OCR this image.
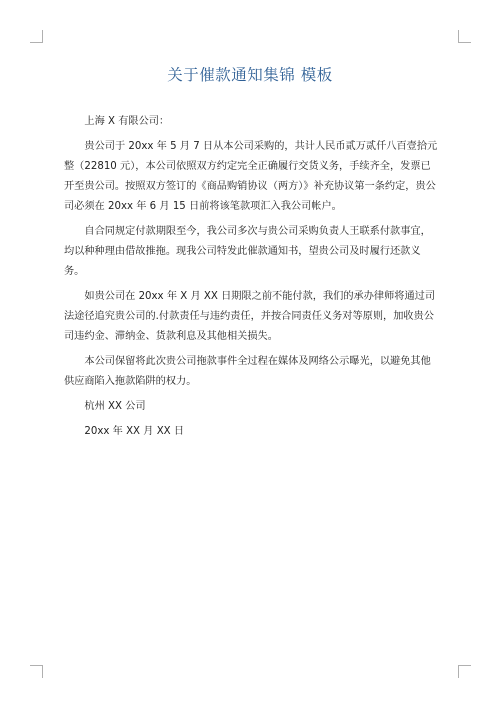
关于催款通知集锦 模板

上海 X 有限公司：

贵公司于 20xx 年 5 月 7 日从本公司采购的，共计人民币贰万贰仟八百壹拾元整（22810 元），本公司依照双方约定完全正确履行交货义务，手续齐全，发票已开至贵公司。按照双方签订的《商品购销协议（两方）》补充协议第一条约定，贵公司必须在 20xx 年 6 月 15 日前将该笔款项汇入我公司帐户。

自合同规定付款期限至今，我公司多次与贵公司采购负责人王联系付款事宜，均以种种理由借故推拖。现我公司特发此催款通知书，望贵公司及时履行还款义务。

如贵公司在 20xx 年 X 月 XX 日期限之前不能付款，我们的承办律师将通过司法途径追究贵公司的.付款责任与违约责任，并按合同责任义务对等原则，加收贵公司违约金、滞纳金、货款利息及其他相关损失。

本公司保留将此次贵公司拖款事件全过程在媒体及网络公示曝光，以避免其他供应商陷入拖款陷阱的权力。

杭州 XX 公司

20xx 年 XX 月 XX 日
